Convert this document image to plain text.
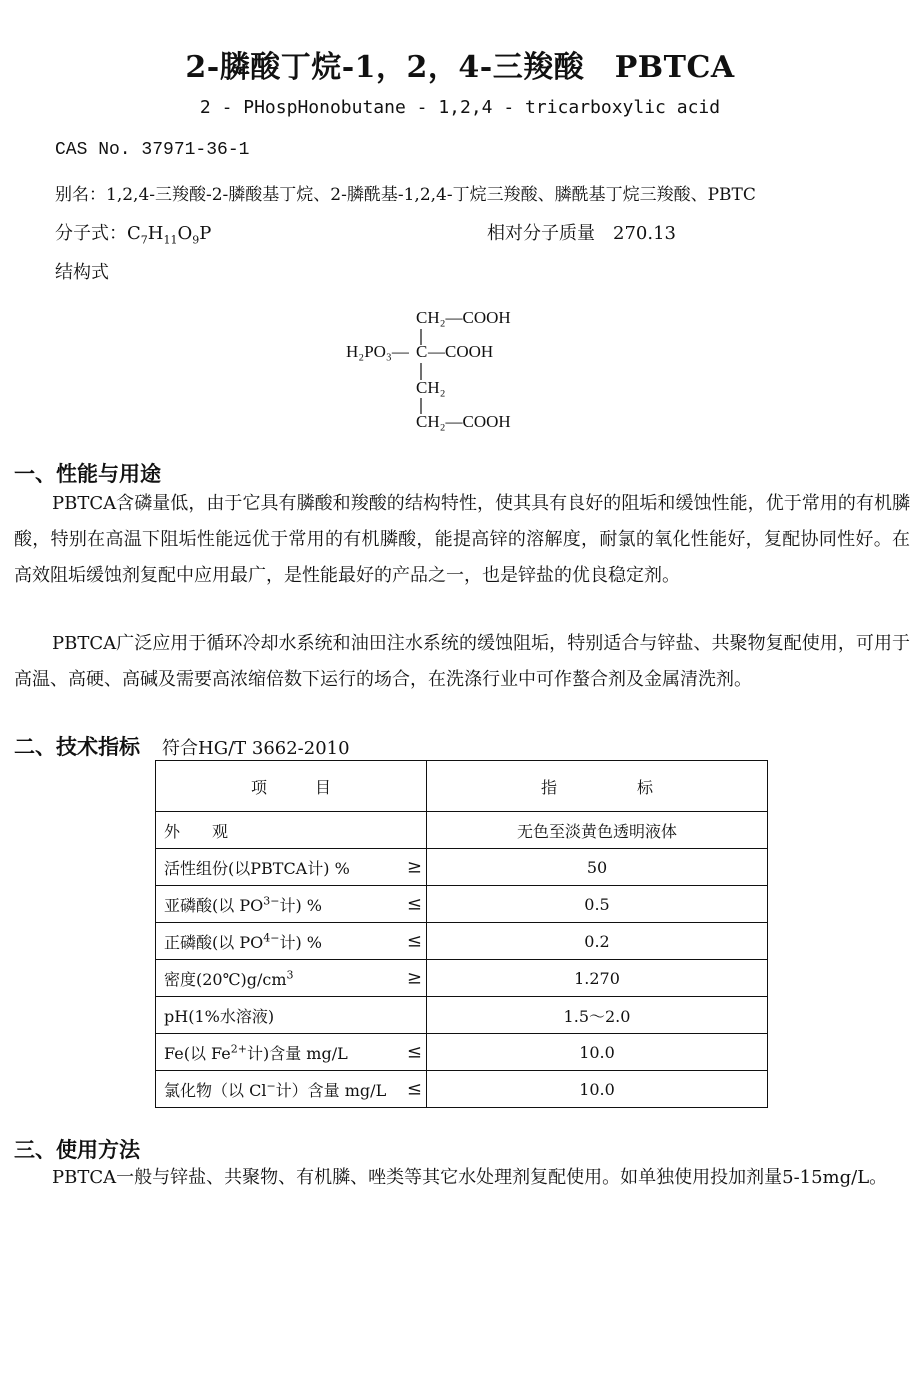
2-膦酸丁烷-1，2，4-三羧酸　PBTCA
2 - PHospHonobutane - 1,2,4 - tricarboxylic acid
CAS No. 37971-36-1
别名：1,2,4-三羧酸-2-膦酸基丁烷、2-膦酰基-1,2,4-丁烷三羧酸、膦酰基丁烷三羧酸、PBTC
分子式：$C_7H_{11}O_9P$	相对分子质量　270.13
结构式
CH₂—COOH
H₂PO₃— C —COOH
CH₂
CH₂—COOH
一、性能与用途

PBTCA含磷量低，由于它具有膦酸和羧酸的结构特性，使其具有良好的阻垢和缓蚀性能，优于常用的有机膦酸，特别在高温下阻垢性能远优于常用的有机膦酸，能提高锌的溶解度，耐氯的氧化性能好，复配协同性好。在高效阻垢缓蚀剂复配中应用最广，是性能最好的产品之一，也是锌盐的优良稳定剂。

PBTCA广泛应用于循环冷却水系统和油田注水系统的缓蚀阻垢，特别适合与锌盐、共聚物复配使用，可用于高温、高硬、高碱及需要高浓缩倍数下运行的场合，在洗涤行业中可作螯合剂及金属清洗剂。

二、技术指标 符合HG/T 3662-2010
项　　　目	指　　　　　标
外　　观	无色至淡黄色透明液体
活性组份(以PBTCA计) % ≥	50
亚磷酸(以 $PO^{3-}$计) % ≤	0.5
正磷酸(以 $PO^{4-}$计) % ≤	0.2
密度$(20℃)g/cm^3$ ≥	1.270
pH(1%水溶液)	1.5～2.0
Fe(以 $Fe^{2+}$计)含量 mg/L ≤	10.0
氯化物（以 Cl−计）含量 mg/L ≤	10.0
三、使用方法

PBTCA一般与锌盐、共聚物、有机膦、唑类等其它水处理剂复配使用。如单独使用投加剂量5-15mg/L。
